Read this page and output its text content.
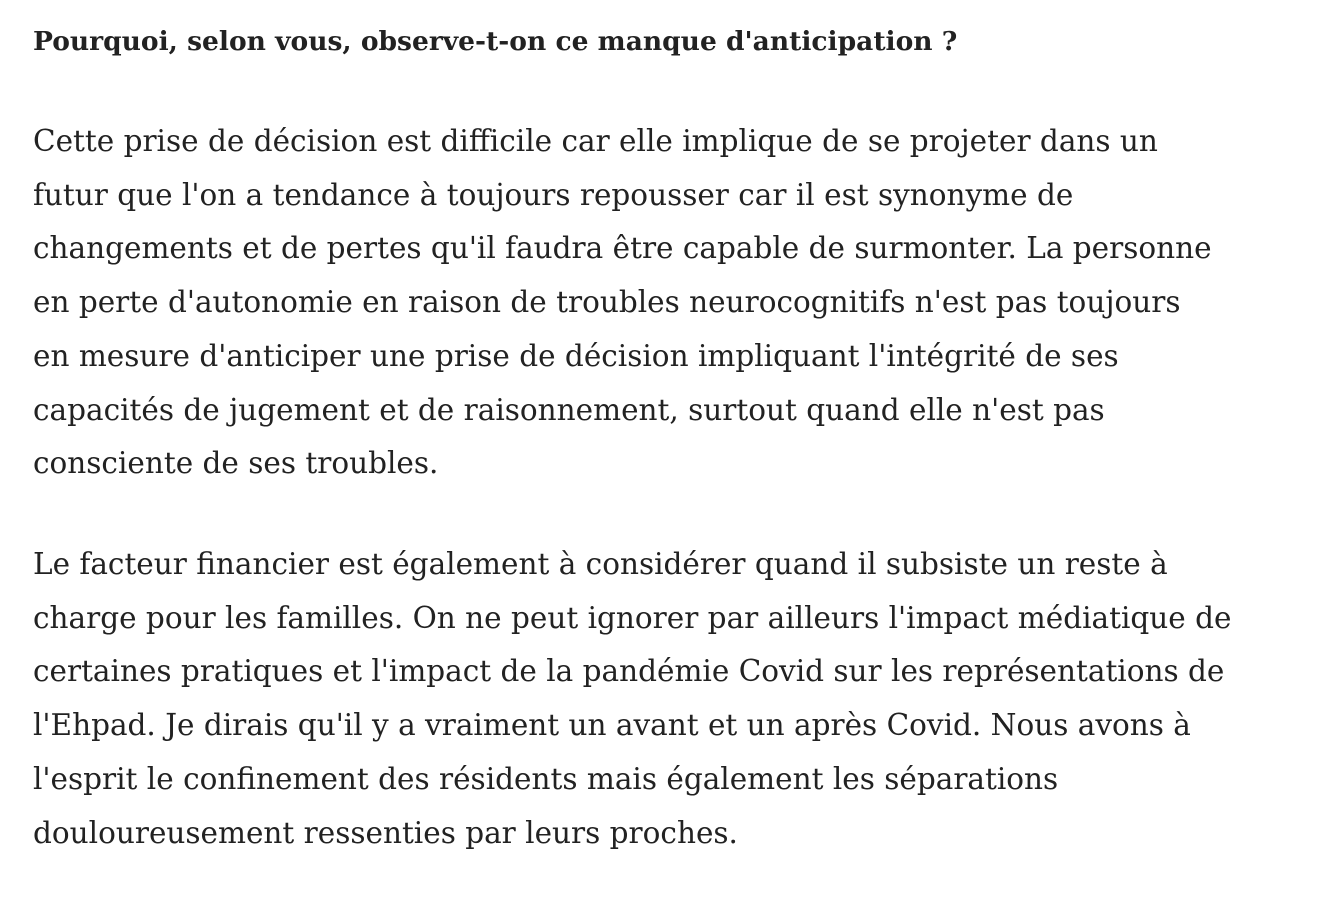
Pourquoi, selon vous, observe-t-on ce manque d'anticipation ?

Cette prise de décision est difficile car elle implique de se projeter dans un
futur que l'on a tendance à toujours repousser car il est synonyme de
changements et de pertes qu'il faudra être capable de surmonter. La personne
en perte d'autonomie en raison de troubles neurocognitifs n'est pas toujours
en mesure d'anticiper une prise de décision impliquant l'intégrité de ses
capacités de jugement et de raisonnement, surtout quand elle n'est pas
consciente de ses troubles.

Le facteur financier est également à considérer quand il subsiste un reste à
charge pour les familles. On ne peut ignorer par ailleurs l'impact médiatique de
certaines pratiques et l'impact de la pandémie Covid sur les représentations de
l'Ehpad. Je dirais qu'il y a vraiment un avant et un après Covid. Nous avons à
l'esprit le confinement des résidents mais également les séparations
douloureusement ressenties par leurs proches.
